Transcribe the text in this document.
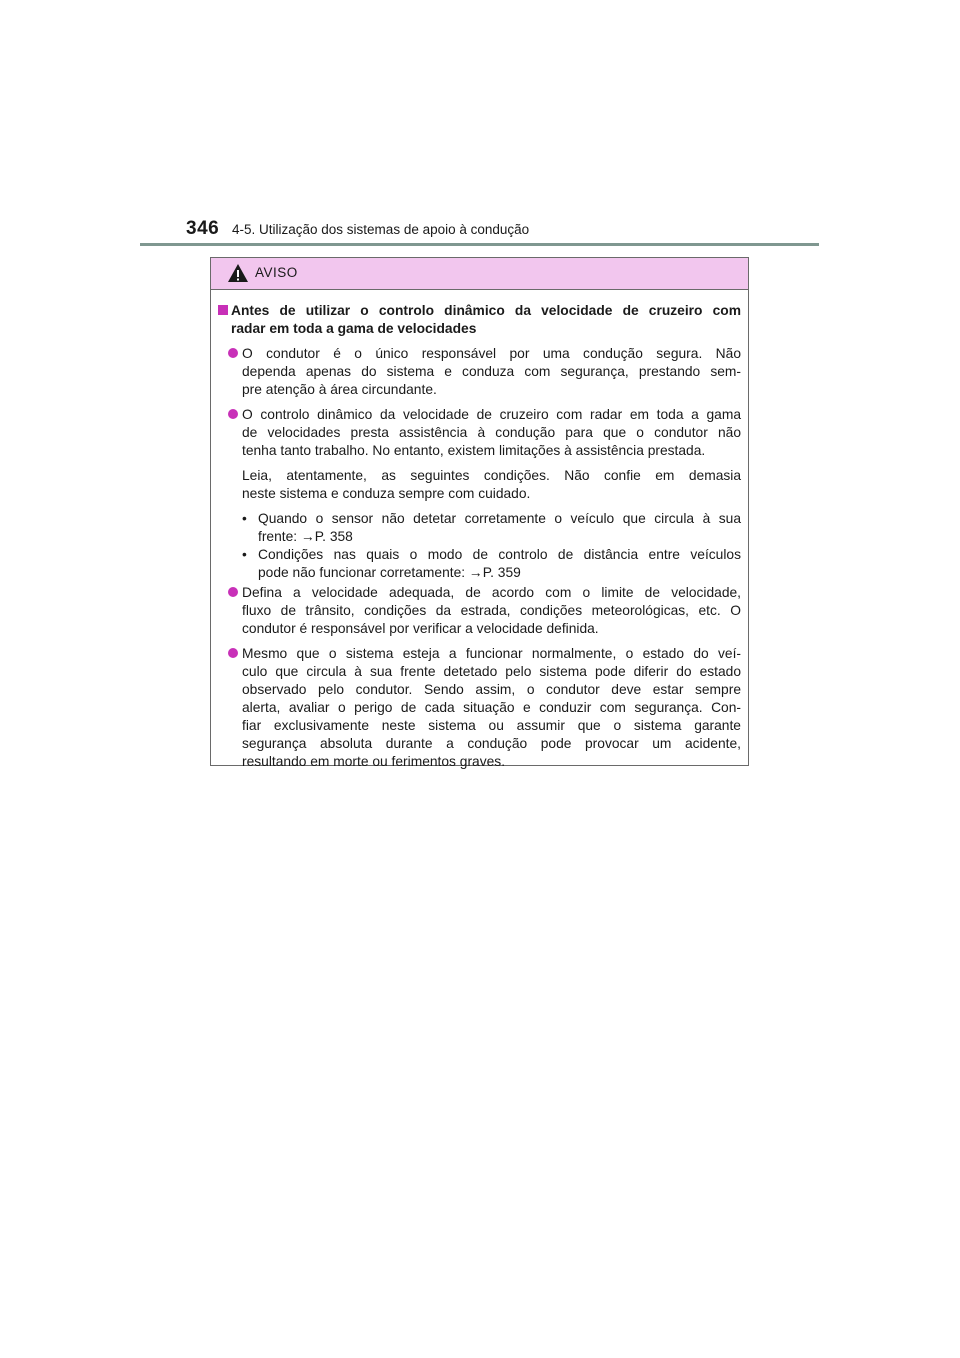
346 4-5. Utilização dos sistemas de apoio à condução
AVISO
Antes de utilizar o controlo dinâmico da velocidade de cruzeiro com
radar em toda a gama de velocidades
O condutor é o único responsável por uma condução segura. Não
dependa apenas do sistema e conduza com segurança, prestando sem-
pre atenção à área circundante.
O controlo dinâmico da velocidade de cruzeiro com radar em toda a gama
de velocidades presta assistência à condução para que o condutor não
tenha tanto trabalho. No entanto, existem limitações à assistência prestada.
Leia, atentamente, as seguintes condições. Não confie em demasia
neste sistema e conduza sempre com cuidado.
• Quando o sensor não detetar corretamente o veículo que circula à sua
frente: →P. 358
• Condições nas quais o modo de controlo de distância entre veículos
pode não funcionar corretamente: →P. 359
Defina a velocidade adequada, de acordo com o limite de velocidade,
fluxo de trânsito, condições da estrada, condições meteorológicas, etc. O
condutor é responsável por verificar a velocidade definida.
Mesmo que o sistema esteja a funcionar normalmente, o estado do veí-
culo que circula à sua frente detetado pelo sistema pode diferir do estado
observado pelo condutor. Sendo assim, o condutor deve estar sempre
alerta, avaliar o perigo de cada situação e conduzir com segurança. Con-
fiar exclusivamente neste sistema ou assumir que o sistema garante
segurança absoluta durante a condução pode provocar um acidente,
resultando em morte ou ferimentos graves.
